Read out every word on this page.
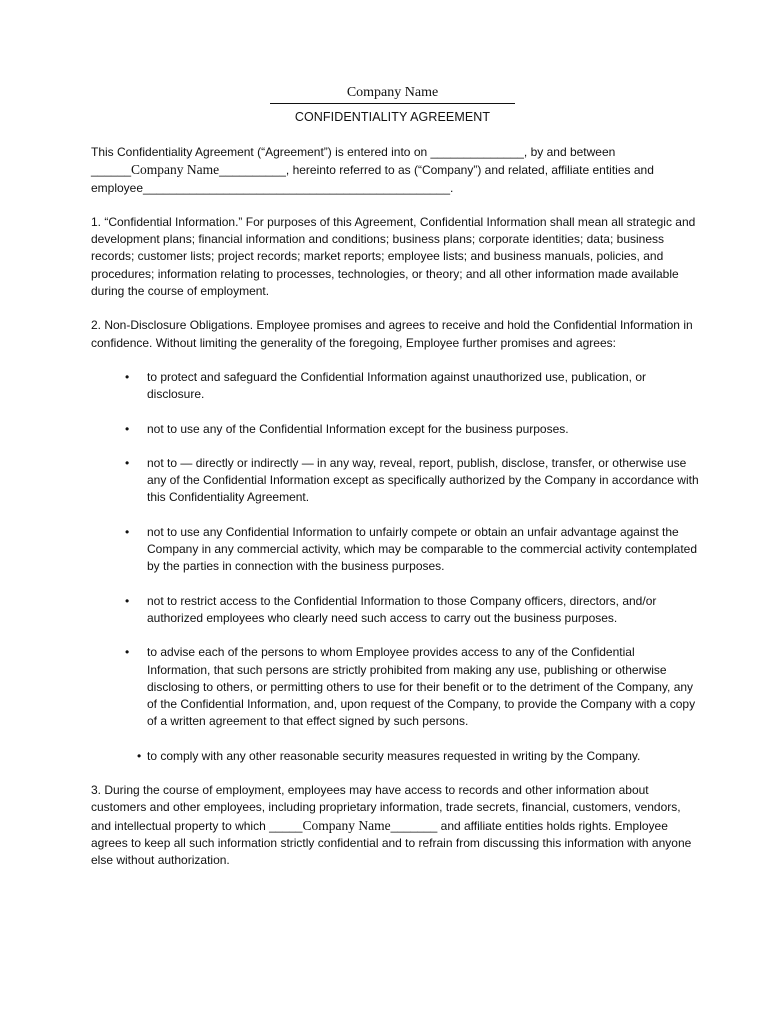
Company Name
CONFIDENTIALITY AGREEMENT

This Confidentiality Agreement (“Agreement”) is entered into on ______________, by and between
______Company Name__________, hereinto referred to as (“Company”) and related, affiliate entities and
employee______________________________________________.

1. “Confidential Information.” For purposes of this Agreement, Confidential Information shall mean all strategic and development plans; financial information and conditions; business plans; corporate identities; data; business records; customer lists; project records; market reports; employee lists; and business manuals, policies, and procedures; information relating to processes, technologies, or theory; and all other information made available during the course of employment.

2. Non-Disclosure Obligations. Employee promises and agrees to receive and hold the Confidential Information in confidence. Without limiting the generality of the foregoing, Employee further promises and agrees:

• to protect and safeguard the Confidential Information against unauthorized use, publication, or disclosure.
• not to use any of the Confidential Information except for the business purposes.
• not to — directly or indirectly — in any way, reveal, report, publish, disclose, transfer, or otherwise use any of the Confidential Information except as specifically authorized by the Company in accordance with this Confidentiality Agreement.
• not to use any Confidential Information to unfairly compete or obtain an unfair advantage against the Company in any commercial activity, which may be comparable to the commercial activity contemplated by the parties in connection with the business purposes.
• not to restrict access to the Confidential Information to those Company officers, directors, and/or authorized employees who clearly need such access to carry out the business purposes.
• to advise each of the persons to whom Employee provides access to any of the Confidential Information, that such persons are strictly prohibited from making any use, publishing or otherwise disclosing to others, or permitting others to use for their benefit or to the detriment of the Company, any of the Confidential Information, and, upon request of the Company, to provide the Company with a copy of a written agreement to that effect signed by such persons.
• to comply with any other reasonable security measures requested in writing by the Company.

3. During the course of employment, employees may have access to records and other information about customers and other employees, including proprietary information, trade secrets, financial, customers, vendors, and intellectual property to which _____Company Name_______ and affiliate entities holds rights. Employee agrees to keep all such information strictly confidential and to refrain from discussing this information with anyone else without authorization.
